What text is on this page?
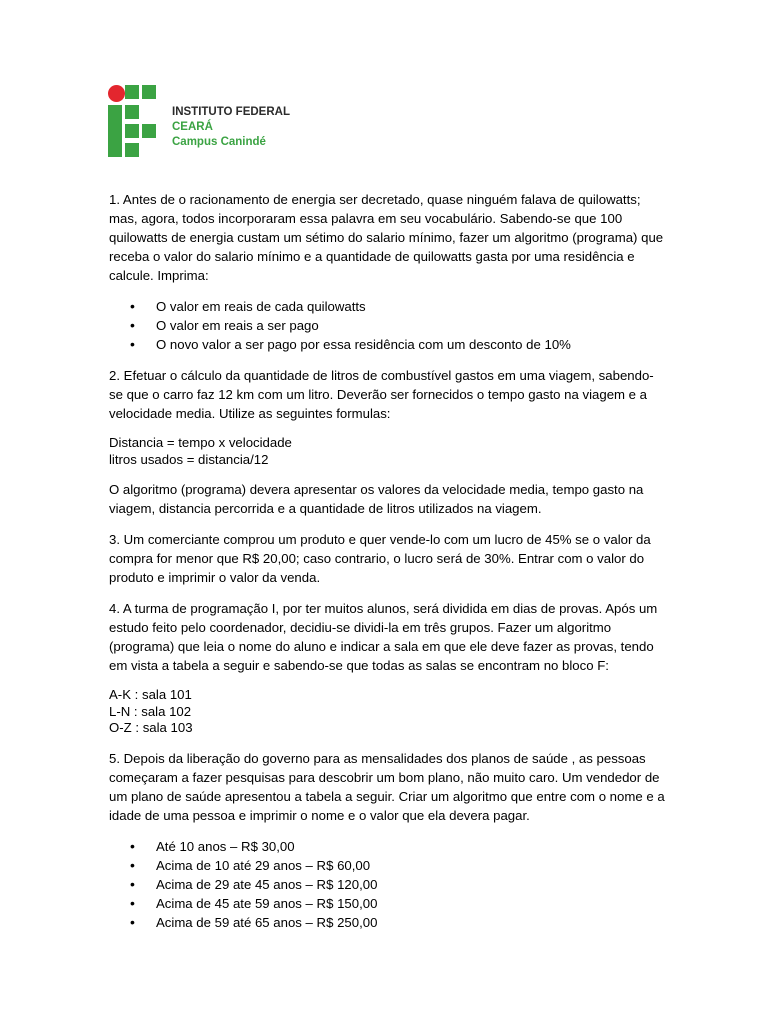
INSTITUTO FEDERAL
CEARÁ
Campus Canindé

1. Antes de o racionamento de energia ser decretado, quase ninguém falava de quilowatts; mas, agora, todos incorporaram essa palavra em seu vocabulário. Sabendo-se que 100 quilowatts de energia custam um sétimo do salario mínimo, fazer um algoritmo (programa) que receba o valor do salario mínimo e a quantidade de quilowatts gasta por uma residência e calcule. Imprima:

• O valor em reais de cada quilowatts
• O valor em reais a ser pago
• O novo valor a ser pago por essa residência com um desconto de 10%

2. Efetuar o cálculo da quantidade de litros de combustível gastos em uma viagem, sabendo-se que o carro faz 12 km com um litro. Deverão ser fornecidos o tempo gasto na viagem e a velocidade media. Utilize as seguintes formulas:

Distancia = tempo x velocidade
litros usados = distancia/12

O algoritmo (programa) devera apresentar os valores da velocidade media, tempo gasto na viagem, distancia percorrida e a quantidade de litros utilizados na viagem.

3. Um comerciante comprou um produto e quer vende-lo com um lucro de 45% se o valor da compra for menor que R$ 20,00; caso contrario, o lucro será de 30%. Entrar com o valor do produto e imprimir o valor da venda.

4. A turma de programação I, por ter muitos alunos, será dividida em dias de provas. Após um estudo feito pelo coordenador, decidiu-se dividi-la em três grupos. Fazer um algoritmo (programa) que leia o nome do aluno e indicar a sala em que ele deve fazer as provas, tendo em vista a tabela a seguir e sabendo-se que todas as salas se encontram no bloco F:

A-K : sala 101
L-N : sala 102
O-Z : sala 103

5. Depois da liberação do governo para as mensalidades dos planos de saúde , as pessoas começaram a fazer pesquisas para descobrir um bom plano, não muito caro. Um vendedor de um plano de saúde apresentou a tabela a seguir. Criar um algoritmo que entre com o nome e a idade de uma pessoa e imprimir o nome e o valor que ela devera pagar.

• Até 10 anos – R$ 30,00
• Acima de 10 até 29 anos – R$ 60,00
• Acima de 29 ate 45 anos – R$ 120,00
• Acima de 45 ate 59 anos – R$ 150,00
• Acima de 59 até 65 anos – R$ 250,00
